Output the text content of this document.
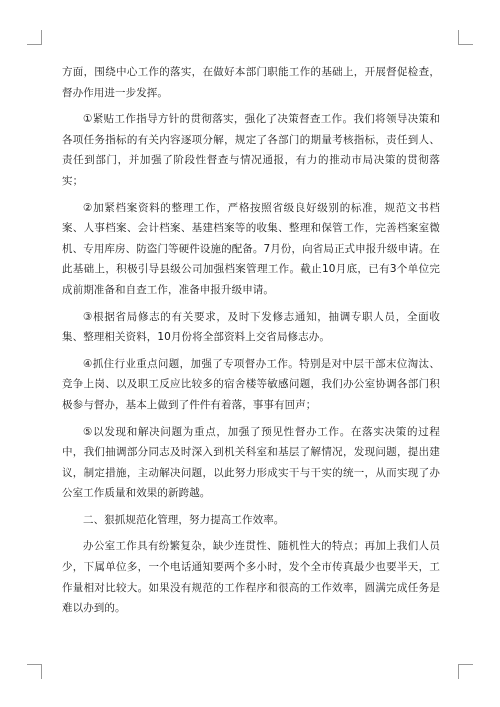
方面，围绕中心工作的落实，在做好本部门职能工作的基础上，开展督促检查，督办作用进一步发挥。

①紧贴工作指导方针的贯彻落实，强化了决策督查工作。我们将领导决策和各项任务指标的有关内容逐项分解，规定了各部门的期量考核指标，责任到人、责任到部门，并加强了阶段性督查与情况通报，有力的推动市局决策的贯彻落实；

②加紧档案资料的整理工作，严格按照省级良好级别的标准，规范文书档案、人事档案、会计档案、基建档案等的收集、整理和保管工作，完善档案室微机、专用库房、防盗门等硬件设施的配备。7月份，向省局正式申报升级申请。在此基础上，积极引导县级公司加强档案管理工作。截止10月底，已有3个单位完成前期准备和自查工作，准备申报升级申请。

③根据省局修志的有关要求，及时下发修志通知，抽调专职人员，全面收集、整理相关资料，10月份将全部资料上交省局修志办。

④抓住行业重点问题，加强了专项督办工作。特别是对中层干部末位淘汰、竞争上岗、以及职工反应比较多的宿舍楼等敏感问题，我们办公室协调各部门积极参与督办，基本上做到了件件有着落，事事有回声；

⑤以发现和解决问题为重点，加强了预见性督办工作。在落实决策的过程中，我们抽调部分同志及时深入到机关科室和基层了解情况，发现问题，提出建议，制定措施，主动解决问题，以此努力形成实干与干实的统一，从而实现了办公室工作质量和效果的新跨越。

二、狠抓规范化管理，努力提高工作效率。

办公室工作具有纷繁复杂，缺少连贯性、随机性大的特点；再加上我们人员少，下属单位多，一个电话通知要两个多小时，发个全市传真最少也要半天，工作量相对比较大。如果没有规范的工作程序和很高的工作效率，圆满完成任务是难以办到的。
